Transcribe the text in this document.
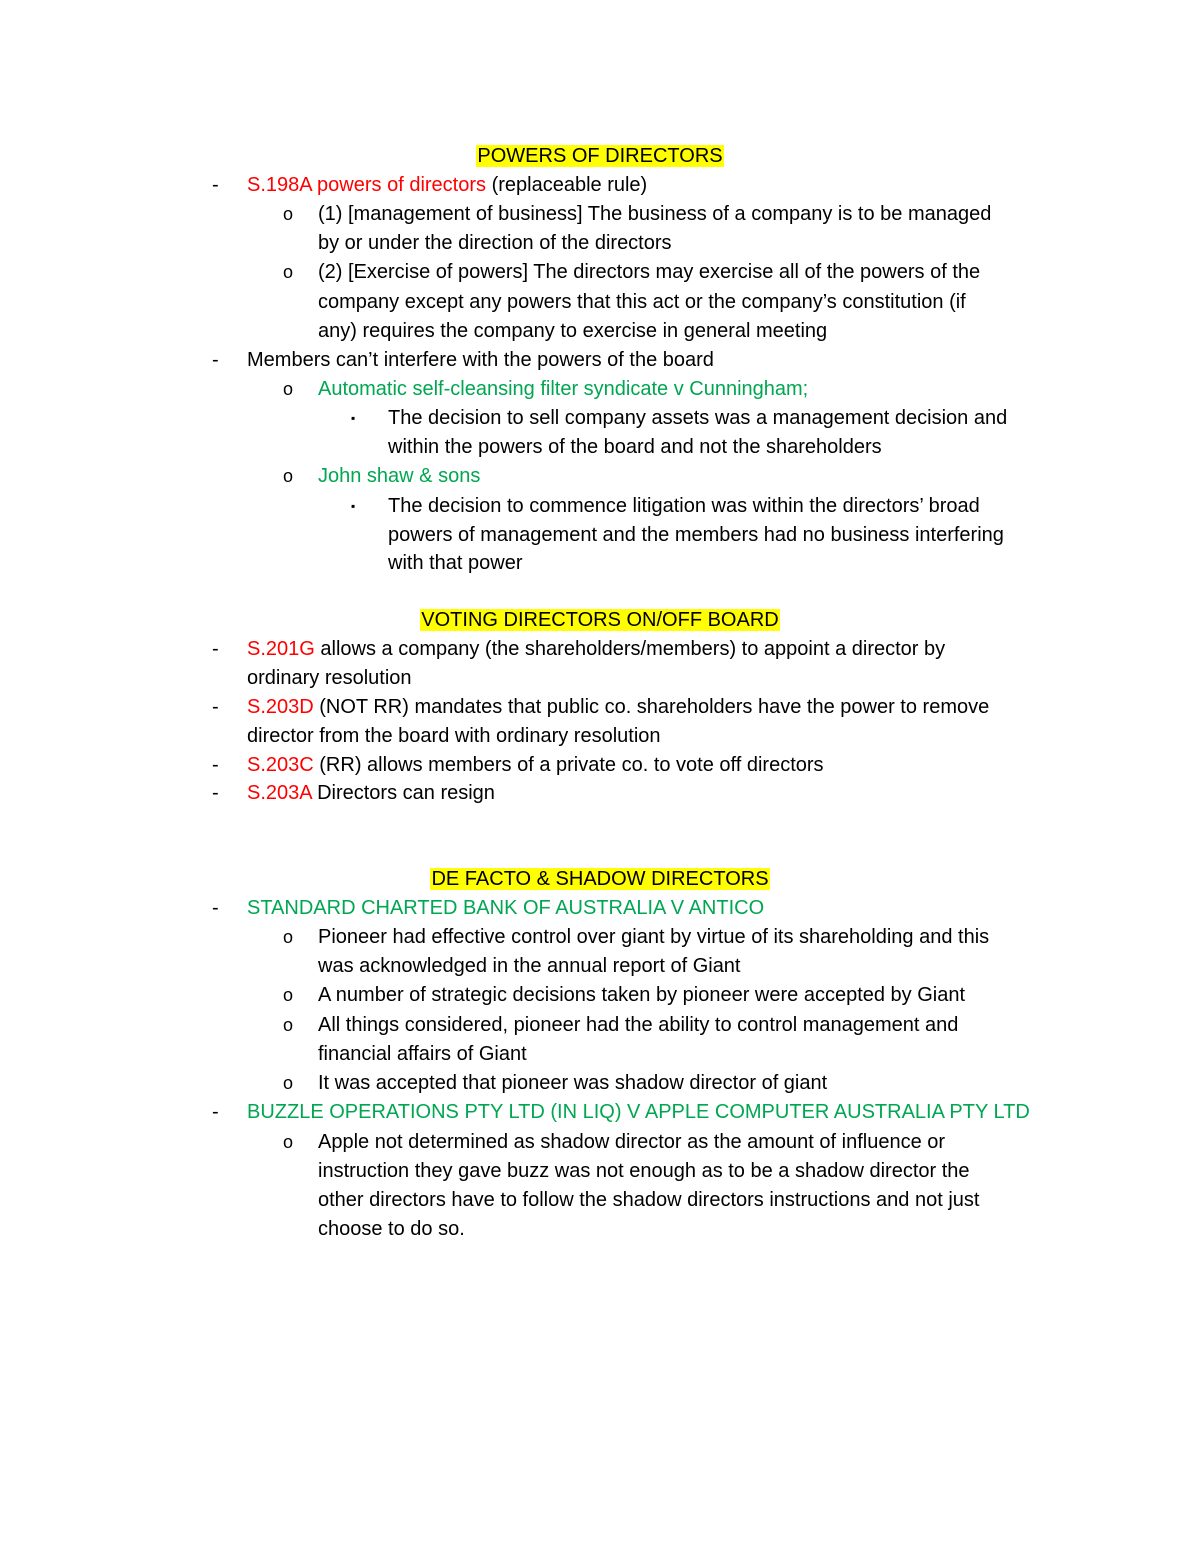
POWERS OF DIRECTORS
- S.198A powers of directors (replaceable rule)
o (1) [management of business] The business of a company is to be managed
by or under the direction of the directors
o (2) [Exercise of powers] The directors may exercise all of the powers of the
company except any powers that this act or the company’s constitution (if
any) requires the company to exercise in general meeting
- Members can’t interfere with the powers of the board
o Automatic self-cleansing filter syndicate v Cunningham;
▪ The decision to sell company assets was a management decision and
within the powers of the board and not the shareholders
o John shaw & sons
▪ The decision to commence litigation was within the directors’ broad
powers of management and the members had no business interfering
with that power
VOTING DIRECTORS ON/OFF BOARD
- S.201G allows a company (the shareholders/members) to appoint a director by
ordinary resolution
- S.203D (NOT RR) mandates that public co. shareholders have the power to remove
director from the board with ordinary resolution
- S.203C (RR) allows members of a private co. to vote off directors
- S.203A Directors can resign
DE FACTO & SHADOW DIRECTORS
- STANDARD CHARTED BANK OF AUSTRALIA V ANTICO
o Pioneer had effective control over giant by virtue of its shareholding and this
was acknowledged in the annual report of Giant
o A number of strategic decisions taken by pioneer were accepted by Giant
o All things considered, pioneer had the ability to control management and
financial affairs of Giant
o It was accepted that pioneer was shadow director of giant
- BUZZLE OPERATIONS PTY LTD (IN LIQ) V APPLE COMPUTER AUSTRALIA PTY LTD
o Apple not determined as shadow director as the amount of influence or
instruction they gave buzz was not enough as to be a shadow director the
other directors have to follow the shadow directors instructions and not just
choose to do so.
